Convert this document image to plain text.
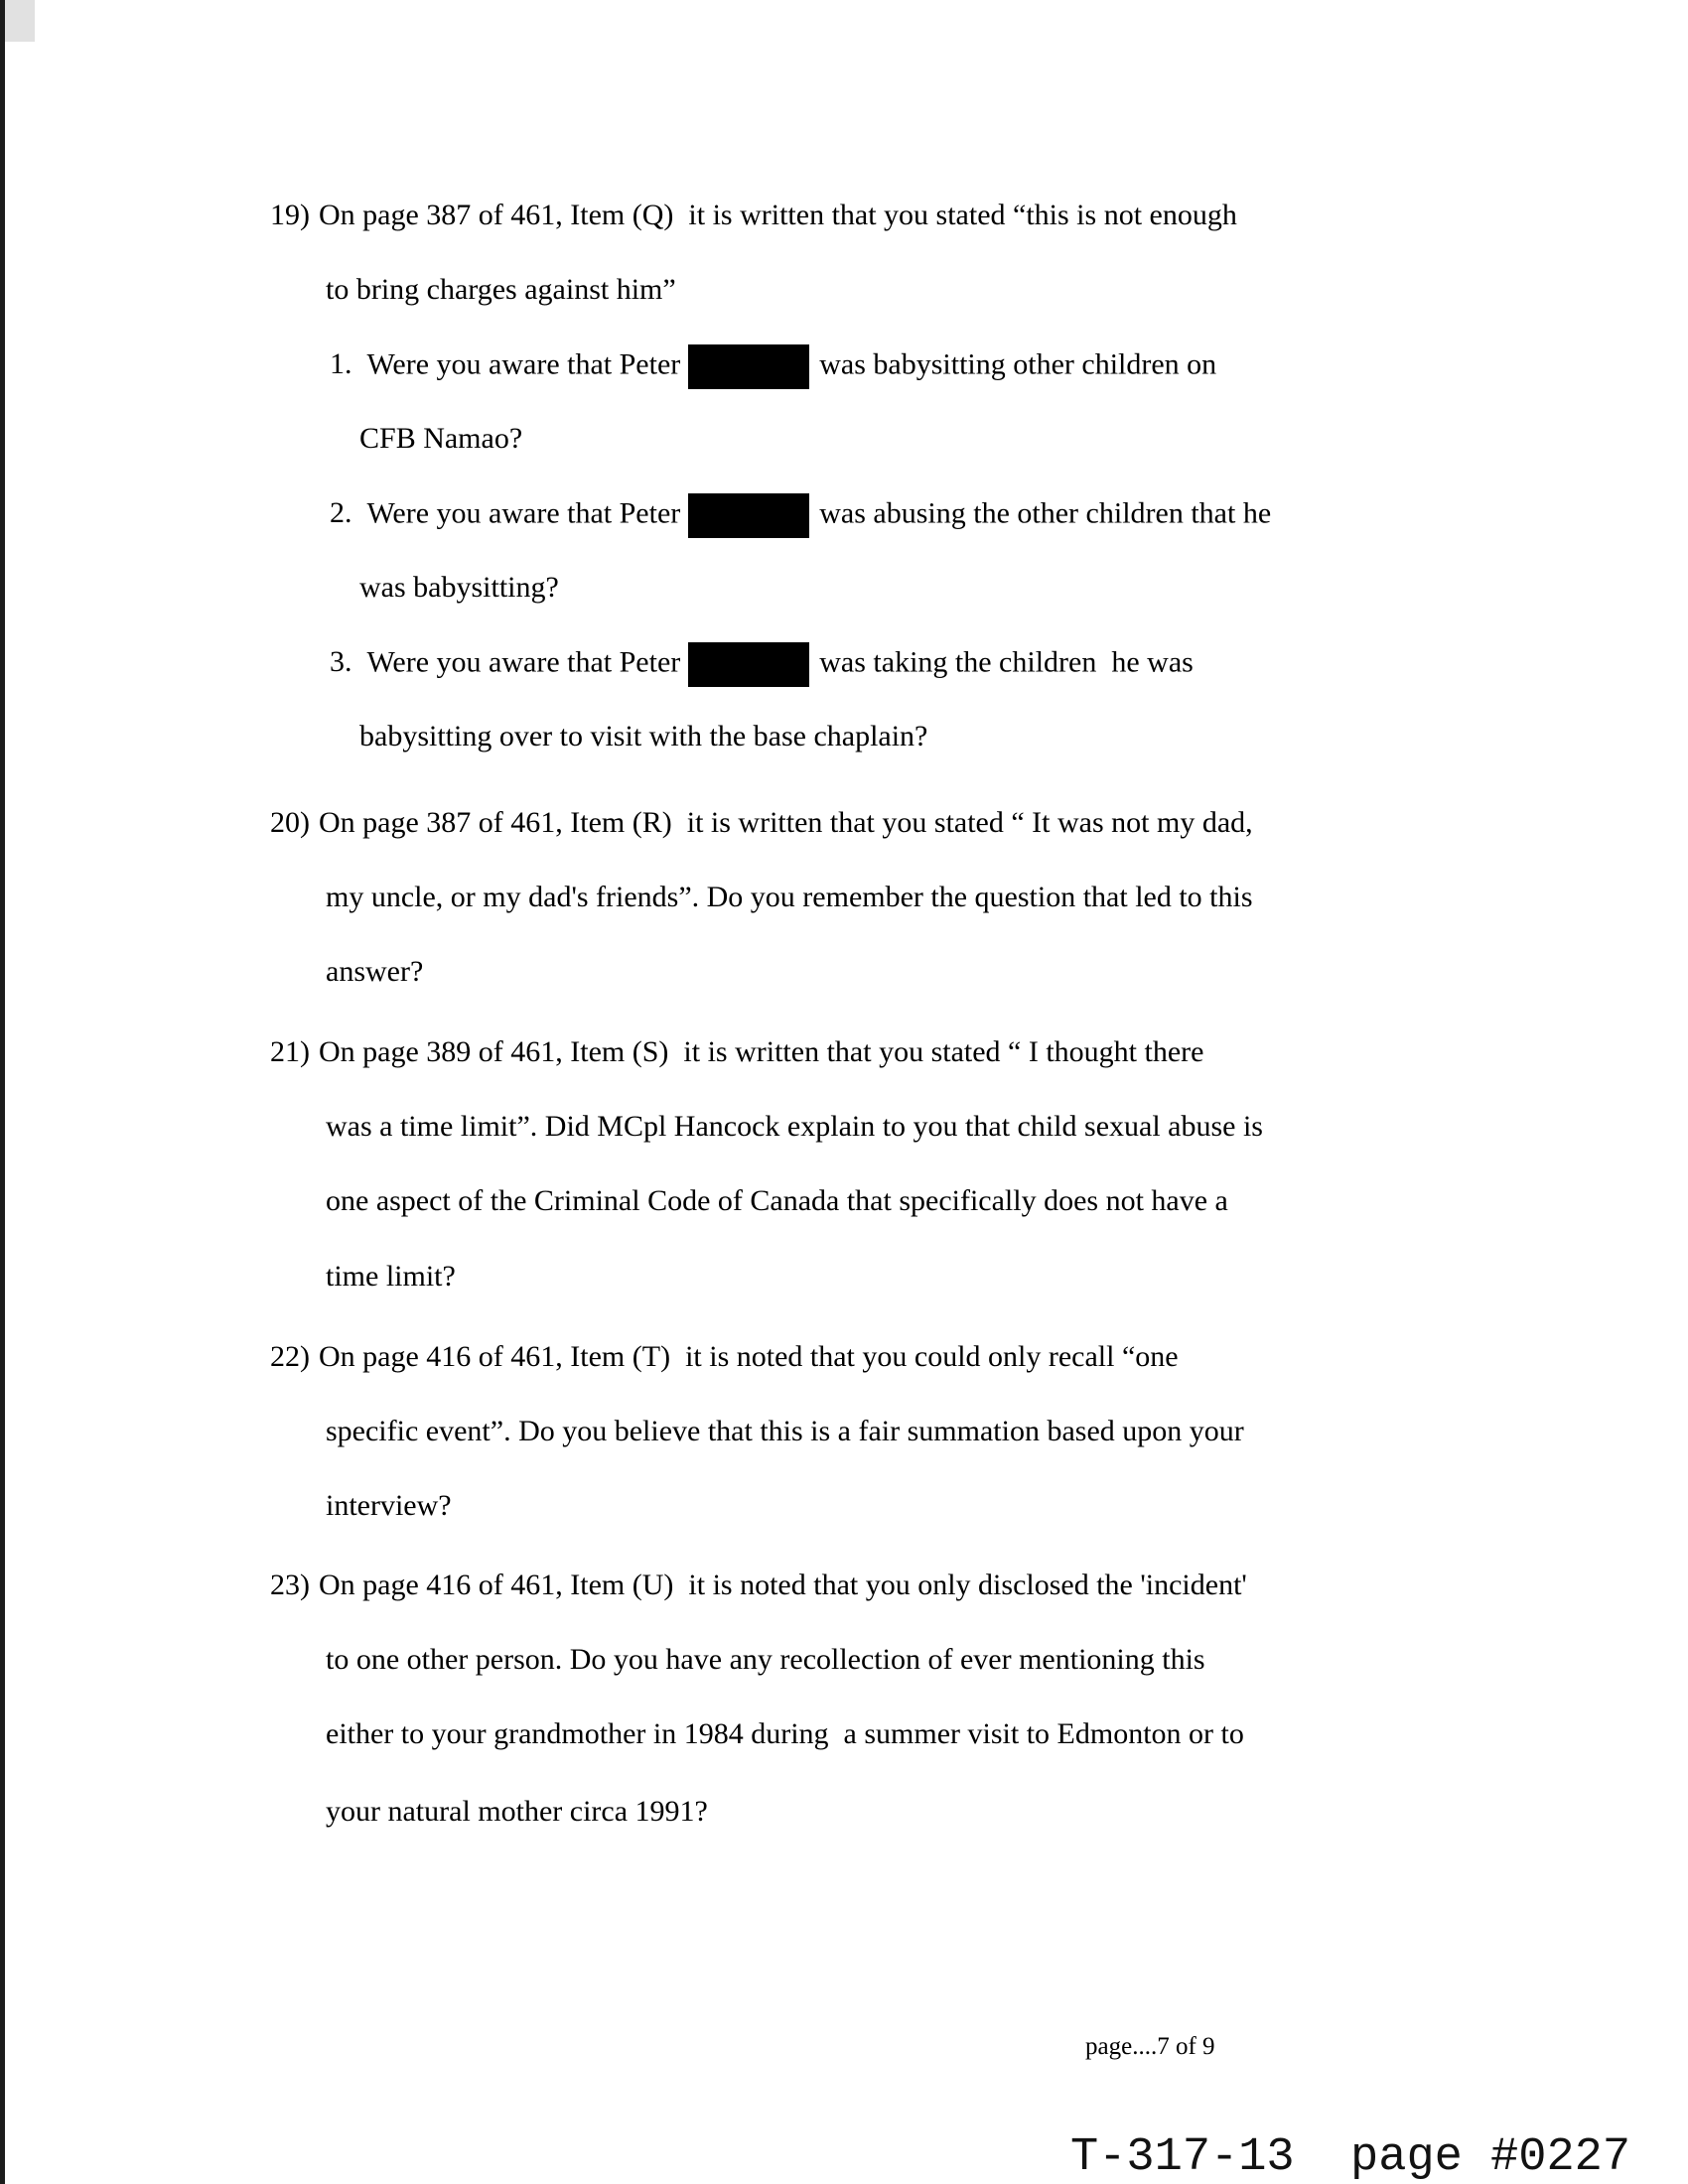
19) On page 387 of 461, Item (Q)  it is written that you stated “this is not enough
to bring charges against him”
1. Were you aware that Peter	was babysitting other children on
CFB Namao?
2. Were you aware that Peter	was abusing the other children that he
was babysitting?
3. Were you aware that Peter	was taking the children  he was
babysitting over to visit with the base chaplain?
20) On page 387 of 461, Item (R)  it is written that you stated “ It was not my dad,
my uncle, or my dad's friends”. Do you remember the question that led to this
answer?
21) On page 389 of 461, Item (S)  it is written that you stated “ I thought there
was a time limit”. Did MCpl Hancock explain to you that child sexual abuse is
one aspect of the Criminal Code of Canada that specifically does not have a
time limit?
22) On page 416 of 461, Item (T)  it is noted that you could only recall “one
specific event”. Do you believe that this is a fair summation based upon your
interview?
23) On page 416 of 461, Item (U)  it is noted that you only disclosed the 'incident'
to one other person. Do you have any recollection of ever mentioning this
either to your grandmother in 1984 during  a summer visit to Edmonton or to
your natural mother circa 1991?
page....7 of 9
T-317-13  page #0227
